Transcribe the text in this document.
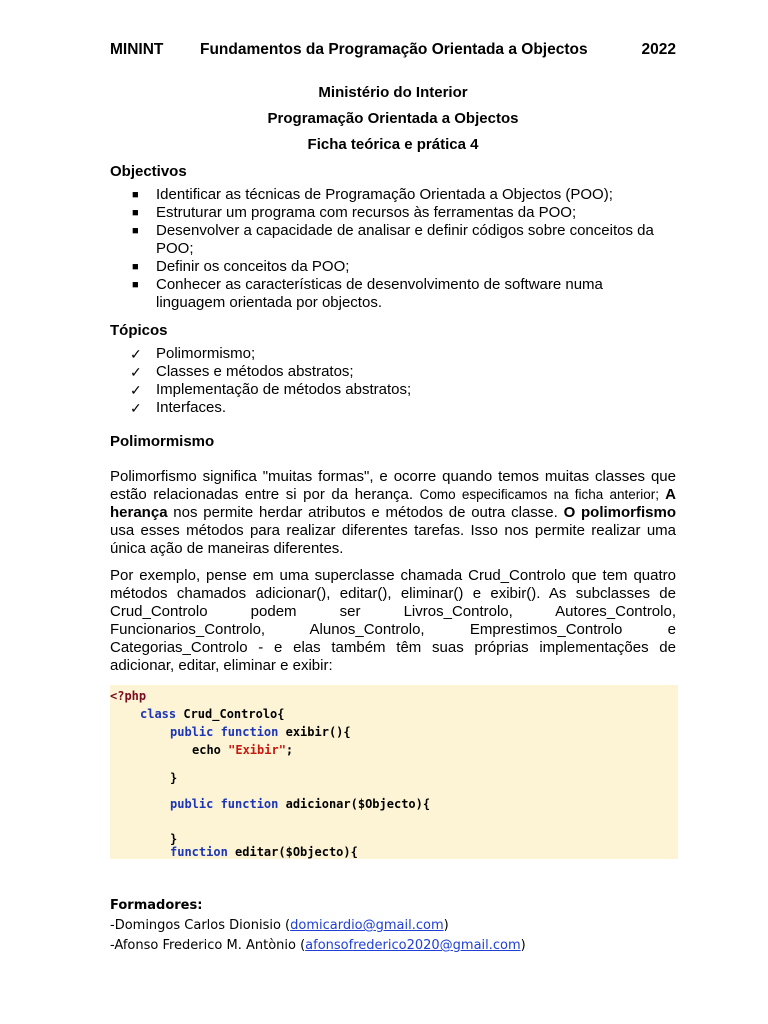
MININT Fundamentos da Programação Orientada a Objectos	2022

Ministério do Interior

Programação Orientada a Objectos

Ficha teórica e prática 4

Objectivos

■ Identificar as técnicas de Programação Orientada a Objectos (POO);
■ Estruturar um programa com recursos às ferramentas da POO;
■ Desenvolver a capacidade de analisar e definir códigos sobre conceitos da POO;
■ Definir os conceitos da POO;
■ Conhecer as características de desenvolvimento de software numa linguagem orientada por objectos.

Tópicos

✓ Polimormismo;
✓ Classes e métodos abstratos;
✓ Implementação de métodos abstratos;
✓ Interfaces.

Polimormismo

Polimorfismo significa "muitas formas", e ocorre quando temos muitas classes que estão relacionadas entre si por da herança. Como especificamos na ficha anterior; A herança nos permite herdar atributos e métodos de outra classe. O polimorfismo usa esses métodos para realizar diferentes tarefas. Isso nos permite realizar uma única ação de maneiras diferentes.

Por exemplo, pense em uma superclasse chamada Crud_Controlo que tem quatro métodos chamados adicionar(), editar(), eliminar() e exibir(). As subclasses de Crud_Controlo podem ser Livros_Controlo, Autores_Controlo, Funcionarios_Controlo, Alunos_Controlo, Emprestimos_Controlo e Categorias_Controlo - e elas também têm suas próprias implementações de adicionar, editar, eliminar e exibir:

<?php
class Crud_Controlo{
public function exibir(){
echo "Exibir";
}
public function adicionar($Objecto){
}
function editar($Objecto){
Formadores:
-Domingos Carlos Dionisio (domicardio@gmail.com)
-Afonso Frederico M. Antònio (afonsofrederico2020@gmail.com)
